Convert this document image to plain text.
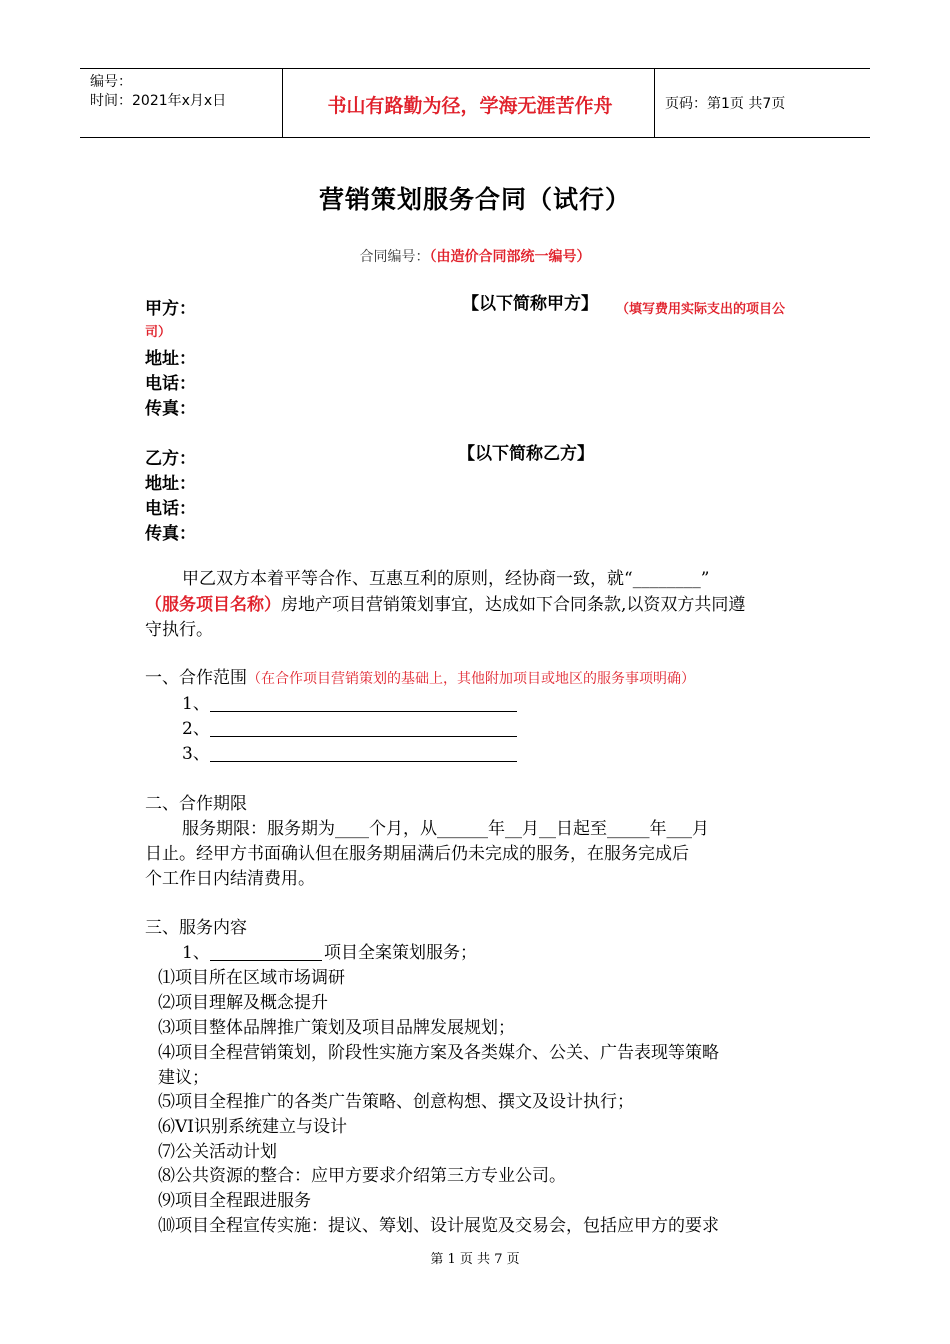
编号：
时间：2021年x月x日	书山有路勤为径，学海无涯苦作舟	页码：第1页 共7页
营销策划服务合同（试行）
合同编号：（由造价合同部统一编号）
甲方：	【以下简称甲方】 （填写费用实际支出的项目公
司）
地址：
电话：
传真：
乙方：	【以下简称乙方】
地址：
电话：
传真：
甲乙双方本着平等合作、互惠互利的原则，经协商一致，就“________”
（服务项目名称）房地产项目营销策划事宜，达成如下合同条款,以资双方共同遵
守执行。
一、合作范围（在合作项目营销策划的基础上，其他附加项目或地区的服务事项明确）
1、
2、
3、
二、合作期限
服务期限：服务期为____个月，从______年__月__日起至_____年___月
日止。经甲方书面确认但在服务期届满后仍未完成的服务，在服务完成后
个工作日内结清费用。
三、服务内容
1、	项目全案策划服务；
⑴项目所在区域市场调研
⑵项目理解及概念提升
⑶项目整体品牌推广策划及项目品牌发展规划；
⑷项目全程营销策划，阶段性实施方案及各类媒介、公关、广告表现等策略
建议；
⑸项目全程推广的各类广告策略、创意构想、撰文及设计执行；
⑹VI识别系统建立与设计
⑺公关活动计划
⑻公共资源的整合：应甲方要求介绍第三方专业公司。
⑼项目全程跟进服务
⑽项目全程宣传实施：提议、筹划、设计展览及交易会，包括应甲方的要求
第 1 页 共 7 页
